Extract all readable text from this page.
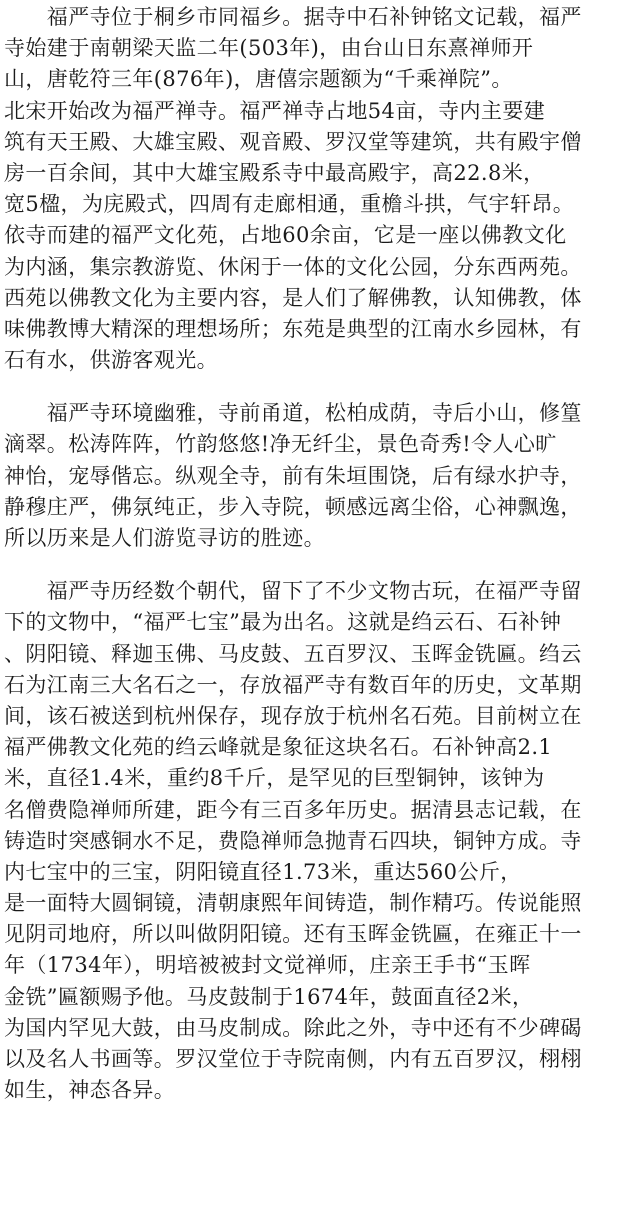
　　福严寺位于桐乡市同福乡。据寺中石补钟铭文记载，福严
寺始建于南朝梁天监二年(503年)，由台山日东熹禅师开
山，唐乾符三年(876年)，唐僖宗题额为“千乘禅院”。
北宋开始改为福严禅寺。福严禅寺占地54亩，寺内主要建
筑有天王殿、大雄宝殿、观音殿、罗汉堂等建筑，共有殿宇僧
房一百余间，其中大雄宝殿系寺中最高殿宇，高22.8米，
宽5楹，为庑殿式，四周有走廊相通，重檐斗拱，气宇轩昂。
依寺而建的福严文化苑，占地60余亩，它是一座以佛教文化
为内涵，集宗教游览、休闲于一体的文化公园，分东西两苑。
西苑以佛教文化为主要内容，是人们了解佛教，认知佛教，体
味佛教博大精深的理想场所；东苑是典型的江南水乡园林，有
石有水，供游客观光。
　　福严寺环境幽雅，寺前甬道，松柏成荫，寺后小山，修篁
滴翠。松涛阵阵，竹韵悠悠!净无纤尘，景色奇秀!令人心旷
神怡，宠辱偕忘。纵观全寺，前有朱垣围饶，后有绿水护寺，
静穆庄严，佛氛纯正，步入寺院，顿感远离尘俗，心神飘逸，
所以历来是人们游览寻访的胜迹。
　　福严寺历经数个朝代，留下了不少文物古玩，在福严寺留
下的文物中，“福严七宝”最为出名。这就是绉云石、石补钟
、阴阳镜、释迦玉佛、马皮鼓、五百罗汉、玉晖金铣匾。绉云
石为江南三大名石之一，存放福严寺有数百年的历史，文革期
间，该石被送到杭州保存，现存放于杭州名石苑。目前树立在
福严佛教文化苑的绉云峰就是象征这块名石。石补钟高2.1
米，直径1.4米，重约8千斤，是罕见的巨型铜钟，该钟为
名僧费隐禅师所建，距今有三百多年历史。据清县志记载，在
铸造时突感铜水不足，费隐禅师急抛青石四块，铜钟方成。寺
内七宝中的三宝，阴阳镜直径1.73米，重达560公斤，
是一面特大圆铜镜，清朝康熙年间铸造，制作精巧。传说能照
见阴司地府，所以叫做阴阳镜。还有玉晖金铣匾，在雍正十一
年（1734年），明培被被封文觉禅师，庄亲王手书“玉晖
金铣”匾额赐予他。马皮鼓制于1674年，鼓面直径2米，
为国内罕见大鼓，由马皮制成。除此之外，寺中还有不少碑碣
以及名人书画等。罗汉堂位于寺院南侧，内有五百罗汉，栩栩
如生，神态各异。
